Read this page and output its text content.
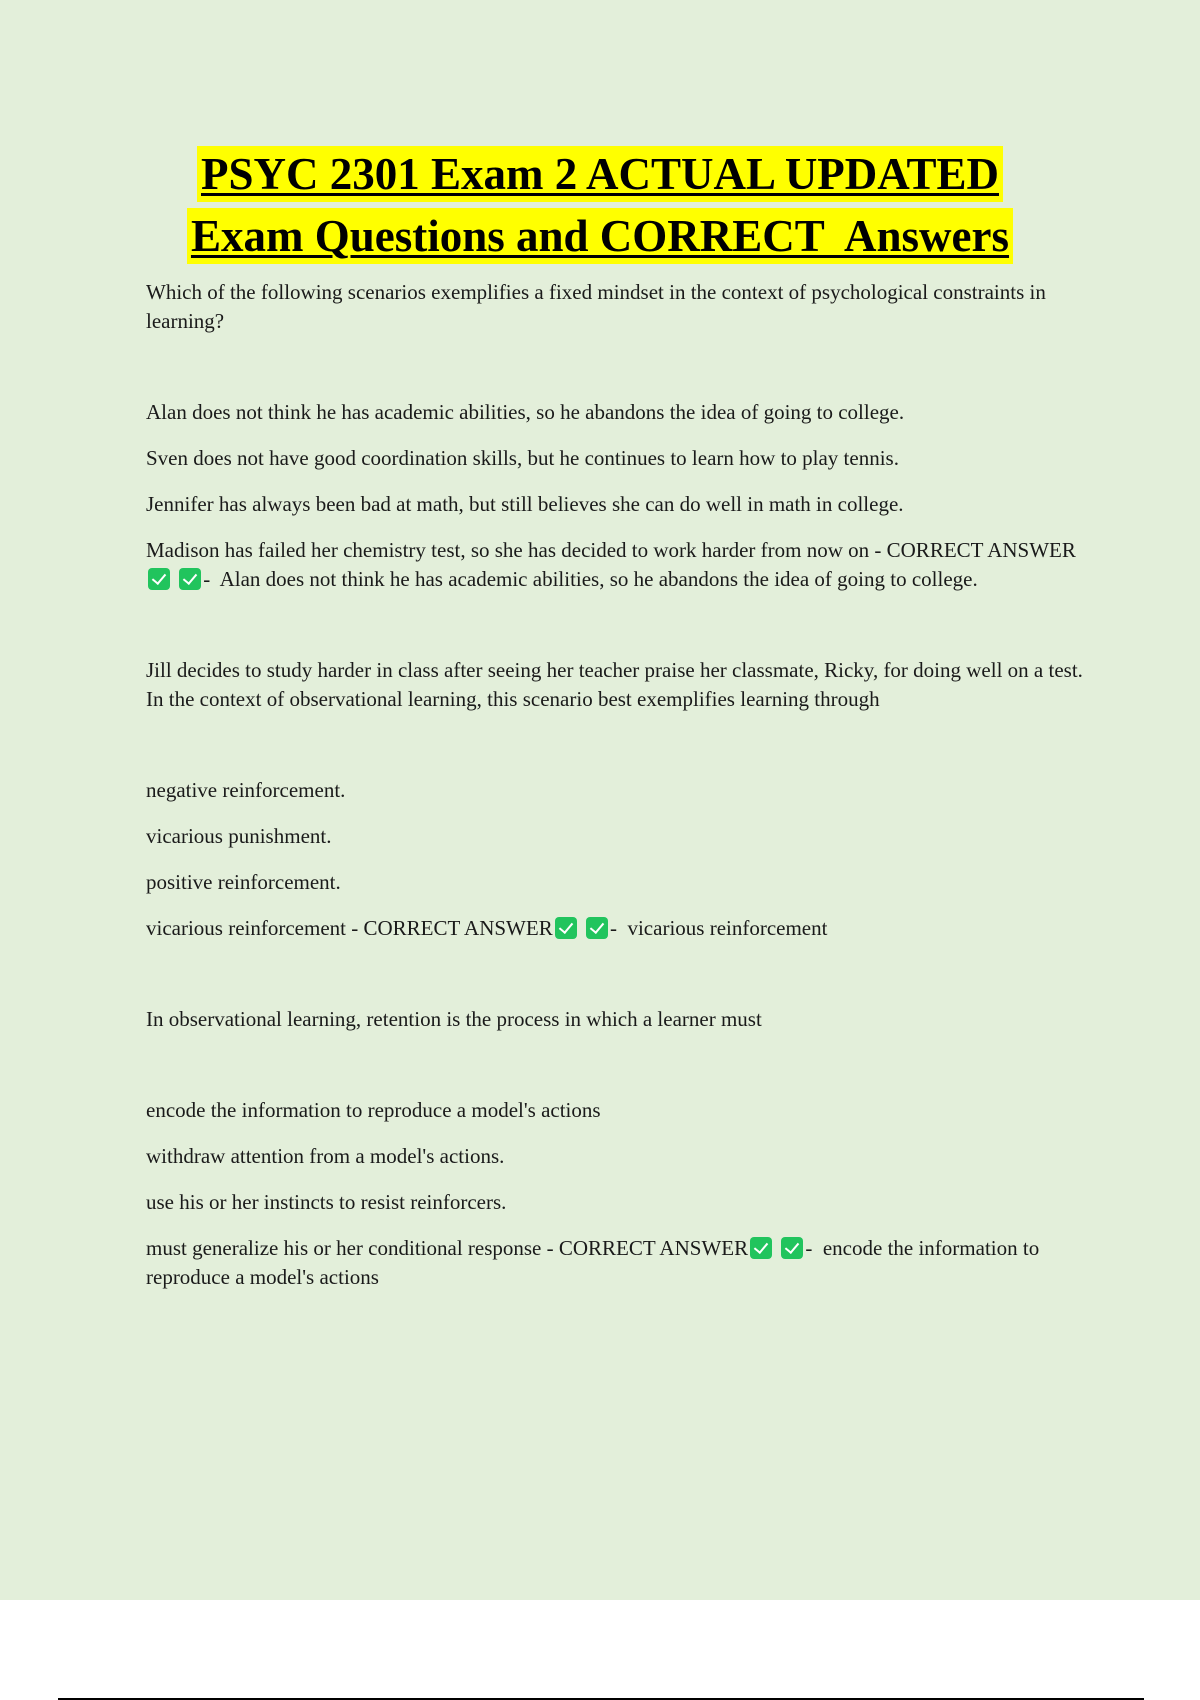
PSYC 2301 Exam 2 ACTUAL UPDATED
Exam Questions and CORRECT  Answers

Which of the following scenarios exemplifies a fixed mindset in the context of psychological constraints in learning?

Alan does not think he has academic abilities, so he abandons the idea of going to college.

Sven does not have good coordination skills, but he continues to learn how to play tennis.

Jennifer has always been bad at math, but still believes she can do well in math in college.

Madison has failed her chemistry test, so she has decided to work harder from now on - CORRECT ANSWER -  Alan does not think he has academic abilities, so he abandons the idea of going to college.

Jill decides to study harder in class after seeing her teacher praise her classmate, Ricky, for doing well on a test. In the context of observational learning, this scenario best exemplifies learning through

negative reinforcement.

vicarious punishment.

positive reinforcement.

vicarious reinforcement - CORRECT ANSWER	-  vicarious reinforcement

In observational learning, retention is the process in which a learner must

encode the information to reproduce a model's actions

withdraw attention from a model's actions.

use his or her instincts to resist reinforcers.

must generalize his or her conditional response - CORRECT ANSWER	-  encode the information to reproduce a model's actions
